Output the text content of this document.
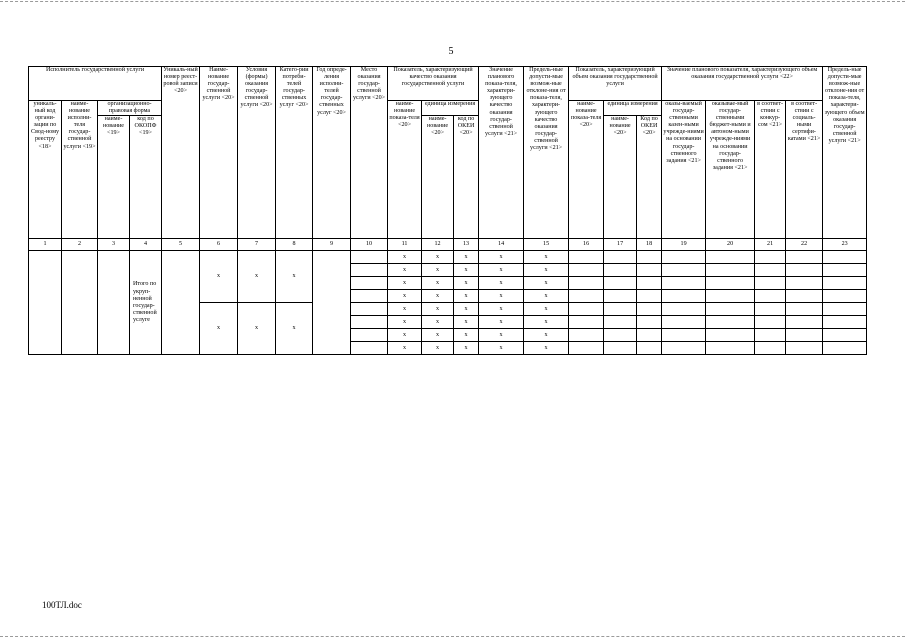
5
Исполнитель государственной услуги				Уникаль-ный номер реест-ровой записи <20>	Наиме-нование государ-ственной услуги <20>	Условия (формы) оказания государ-ственной услуги <20>	Катего-рии потреби-телей государ-ственных услуг <20>	Год опреде-ления исполни-телей государ-ственных услуг <20>	Место оказания государ-ственной услуги <20>	Показатель, характеризующий качество оказания государственной услуги			Значение планового показа-теля, характери-зующего качество оказания государ-ственной услуги <21>	Предель-ные допусти-мые возмож-ные отклоне-ния от показа-теля, характери-зующего качество оказания государ-ственной услуги <21>	Показатель, характеризующий объем оказания государственной услуги			Значение планового показателя, характеризующего объем оказания государственной услуги <22>				Предель-ные допусти-мые возмож-ные отклоне-ния от показа-теля, характери-зующего объем оказания государ-ственной услуги <21>
уникаль-ный код органи-зации по Свод-ному реестру <18>	наиме-нование исполни-теля государ-ственной услуги <19>	организационно-правовая форма								наиме-нование показа-теля <20>	единица измерения				наиме-нование показа-теля <20>	единица измерения		оказы-ваемый государ-ственными казен-ными учрежде-ниями на основании государ-ственного задания <21>	оказывае-мый государ-ственными бюджет-ными и автоном-ными учрежде-ниями на основании государ-ственного задания <21>	в соответ-ствии с конкур-сом <21>	в соответ-ствии с социаль-ными сертифи-катами <21>	
		наиме-нование <19>	код по ОКОПФ <19>								наиме-нование <20>	код по ОКЕИ <20>				наиме-нование <20>	Код по ОКЕИ <20>					
1	2	3	4	5	6	7	8	9	10	11	12	13	14	15	16	17	18	19	20	21	22	23
			Итого по укруп-ненной государ-ственной услуге		x	x	x			x	x	x	x	x								
										x	x	x	x	x								
										x	x	x	x	x								
										x	x	x	x	x								
					x	x	x			x	x	x	x	x								
										x	x	x	x	x								
										x	x	x	x	x								
										x	x	x	x	x								
100ТЛ.doc
